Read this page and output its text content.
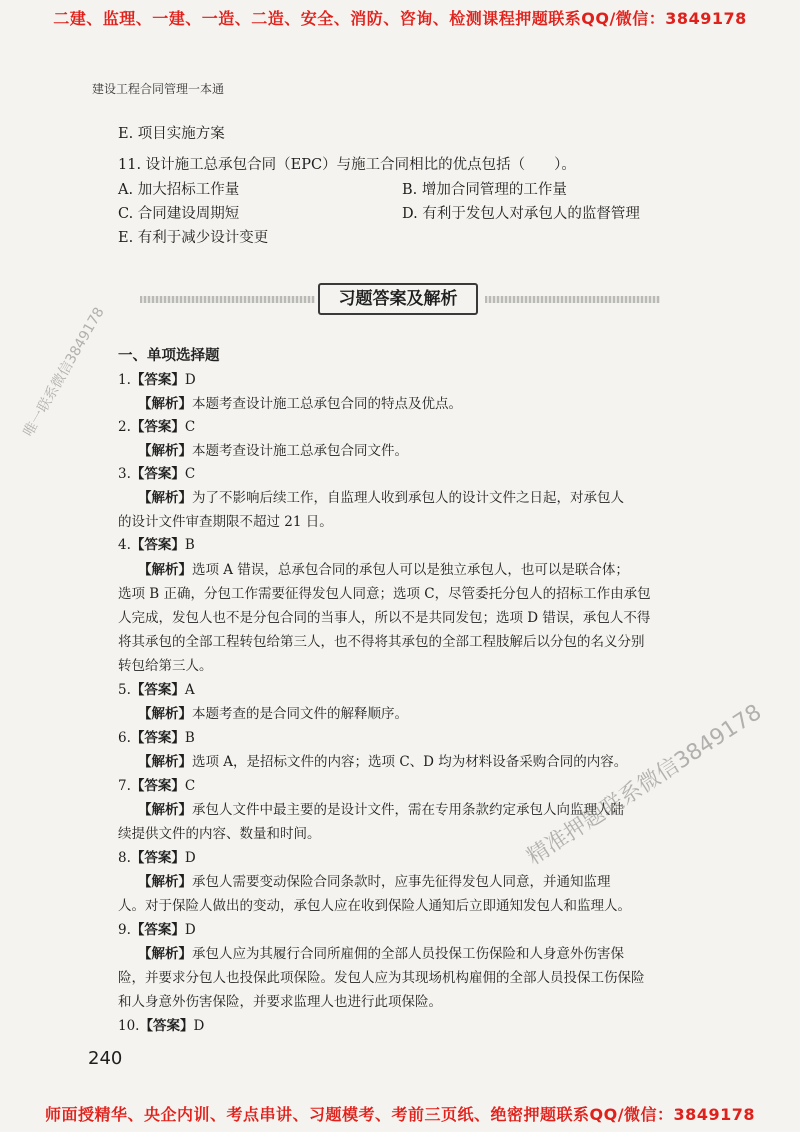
二建、监理、一建、一造、二造、安全、消防、咨询、检测课程押题联系QQ/微信：3849178
建设工程合同管理一本通
E. 项目实施方案
11. 设计施工总承包合同（EPC）与施工合同相比的优点包括（　　）。
A. 加大招标工作量	B. 增加合同管理的工作量
C. 合同建设周期短	D. 有利于发包人对承包人的监督管理
E. 有利于减少设计变更
习题答案及解析
一、单项选择题
1.【答案】D
【解析】本题考查设计施工总承包合同的特点及优点。
2.【答案】C
【解析】本题考查设计施工总承包合同文件。
3.【答案】C
【解析】为了不影响后续工作，自监理人收到承包人的设计文件之日起，对承包人
的设计文件审查期限不超过 21 日。
4.【答案】B
【解析】选项 A 错误，总承包合同的承包人可以是独立承包人，也可以是联合体；
选项 B 正确，分包工作需要征得发包人同意；选项 C，尽管委托分包人的招标工作由承包
人完成，发包人也不是分包合同的当事人，所以不是共同发包；选项 D 错误，承包人不得
将其承包的全部工程转包给第三人，也不得将其承包的全部工程肢解后以分包的名义分别
转包给第三人。
5.【答案】A
【解析】本题考查的是合同文件的解释顺序。
6.【答案】B
【解析】选项 A，是招标文件的内容；选项 C、D 均为材料设备采购合同的内容。
7.【答案】C
【解析】承包人文件中最主要的是设计文件，需在专用条款约定承包人向监理人陆
续提供文件的内容、数量和时间。
8.【答案】D
【解析】承包人需要变动保险合同条款时，应事先征得发包人同意，并通知监理
人。对于保险人做出的变动，承包人应在收到保险人通知后立即通知发包人和监理人。
9.【答案】D
【解析】承包人应为其履行合同所雇佣的全部人员投保工伤保险和人身意外伤害保
险，并要求分包人也投保此项保险。发包人应为其现场机构雇佣的全部人员投保工伤保险
和人身意外伤害保险，并要求监理人也进行此项保险。
10.【答案】D
240
唯一联系微信3849178
精准押题联系微信3849178
师面授精华、央企内训、考点串讲、习题模考、考前三页纸、绝密押题联系QQ/微信：3849178
